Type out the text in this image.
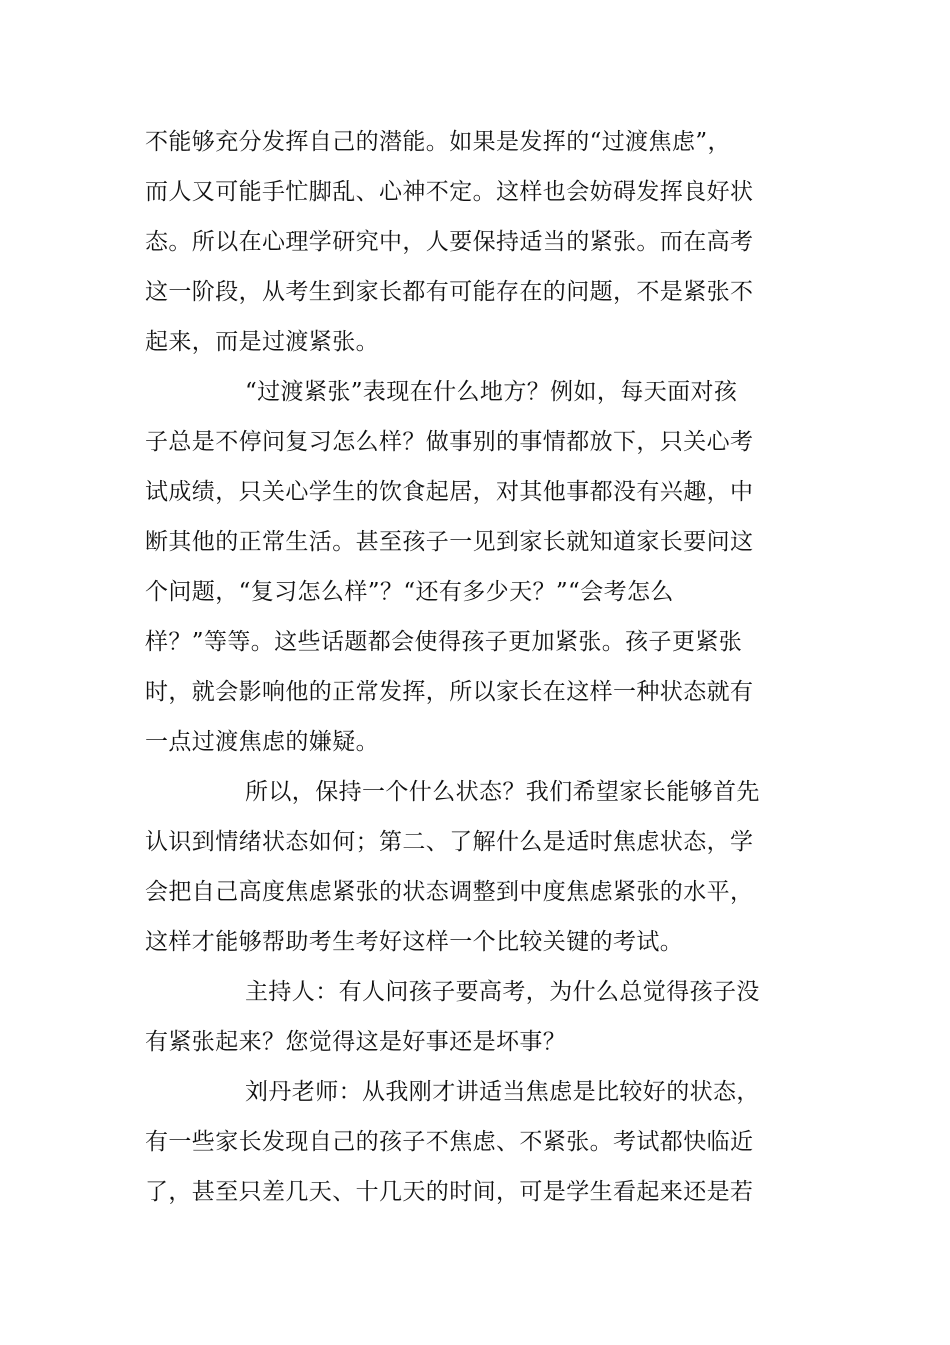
不能够充分发挥自己的潜能。如果是发挥的“过渡焦虑”，
而人又可能手忙脚乱、心神不定。这样也会妨碍发挥良好状
态。所以在心理学研究中，人要保持适当的紧张。而在高考
这一阶段，从考生到家长都有可能存在的问题，不是紧张不
起来，而是过渡紧张。
“过渡紧张”表现在什么地方？例如，每天面对孩
子总是不停问复习怎么样？做事别的事情都放下，只关心考
试成绩，只关心学生的饮食起居，对其他事都没有兴趣，中
断其他的正常生活。甚至孩子一见到家长就知道家长要问这
个问题，“复习怎么样”？“还有多少天？”“会考怎么
样？”等等。这些话题都会使得孩子更加紧张。孩子更紧张
时，就会影响他的正常发挥，所以家长在这样一种状态就有
一点过渡焦虑的嫌疑。
所以，保持一个什么状态？我们希望家长能够首先
认识到情绪状态如何；第二、了解什么是适时焦虑状态，学
会把自己高度焦虑紧张的状态调整到中度焦虑紧张的水平，
这样才能够帮助考生考好这样一个比较关键的考试。
主持人：有人问孩子要高考，为什么总觉得孩子没
有紧张起来？您觉得这是好事还是坏事？
刘丹老师：从我刚才讲适当焦虑是比较好的状态，
有一些家长发现自己的孩子不焦虑、不紧张。考试都快临近
了，甚至只差几天、十几天的时间，可是学生看起来还是若
